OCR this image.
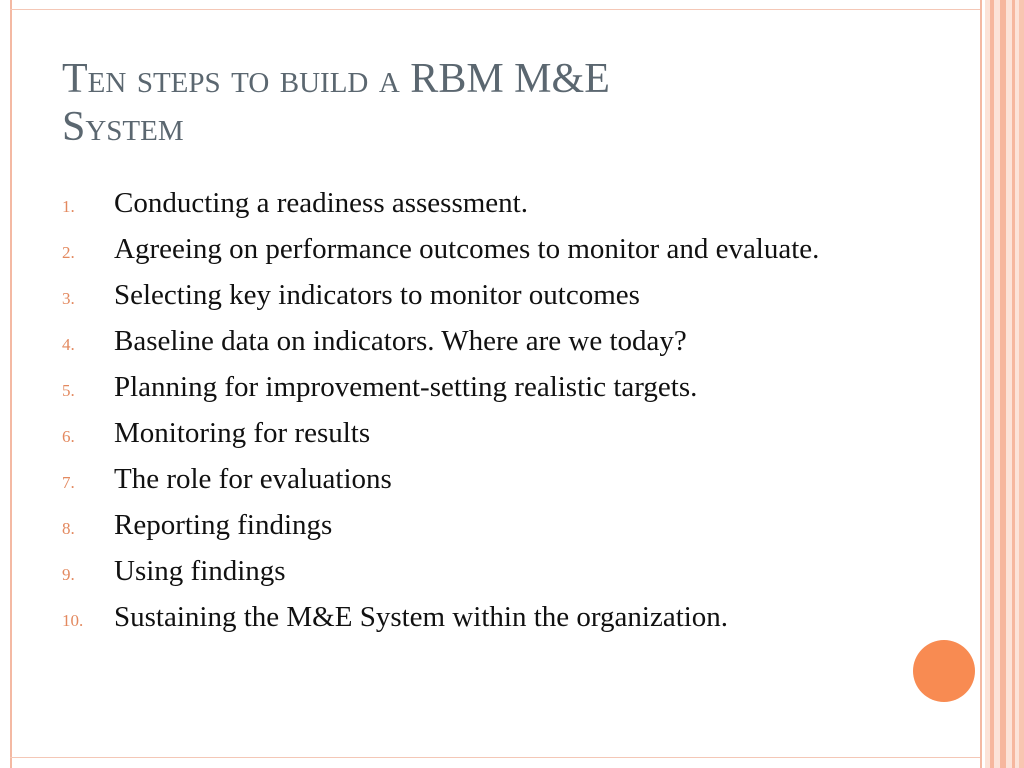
Ten steps to build a RBM M&E
System
1. Conducting a readiness assessment.
2. Agreeing on performance outcomes to monitor and evaluate.
3. Selecting key indicators to monitor outcomes
4. Baseline data on indicators. Where are we today?
5. Planning for improvement-setting realistic targets.
6. Monitoring for results
7. The role for evaluations
8. Reporting findings
9. Using findings
10. Sustaining the M&E System within the organization.
